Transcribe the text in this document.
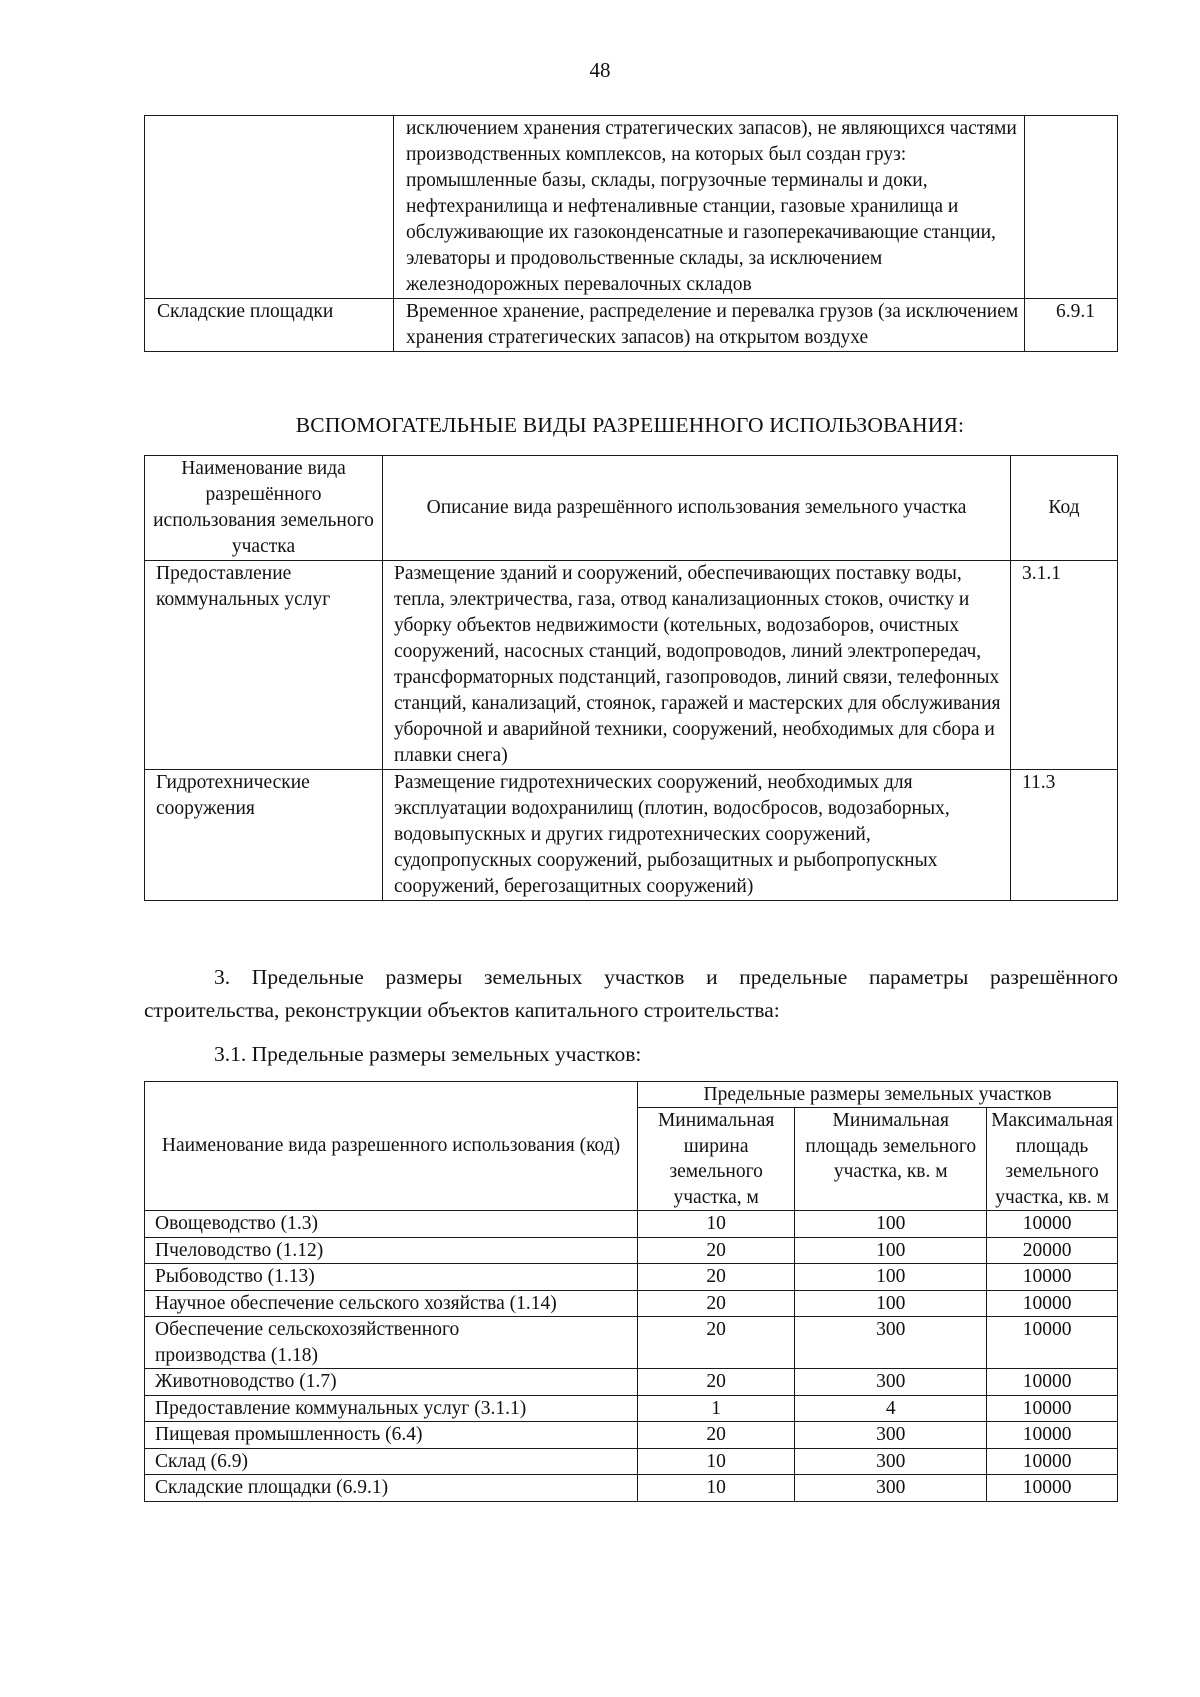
48
	исключением хранения стратегических запасов), не являющихся частями производственных комплексов, на которых был создан груз: промышленные базы, склады, погрузочные терминалы и доки, нефтехранилища и нефтеналивные станции, газовые хранилища и обслуживающие их газоконденсатные и газоперекачивающие станции, элеваторы и продовольственные склады, за исключением железнодорожных перевалочных складов	
Складские площадки	Временное хранение, распределение и перевалка грузов (за исключением хранения стратегических запасов) на открытом воздухе	6.9.1
ВСПОМОГАТЕЛЬНЫЕ ВИДЫ РАЗРЕШЕННОГО ИСПОЛЬЗОВАНИЯ:
Наименование вида разрешённого использования земельного участка	Описание вида разрешённого использования земельного участка	Код
Предоставление коммунальных услуг	Размещение зданий и сооружений, обеспечивающих поставку воды, тепла, электричества, газа, отвод канализационных стоков, очистку и уборку объектов недвижимости (котельных, водозаборов, очистных сооружений, насосных станций, водопроводов, линий электропередач, трансформаторных подстанций, газопроводов, линий связи, телефонных станций, канализаций, стоянок, гаражей и мастерских для обслуживания уборочной и аварийной техники, сооружений, необходимых для сбора и плавки снега)	3.1.1
Гидротехнические сооружения	Размещение гидротехнических сооружений, необходимых для эксплуатации водохранилищ (плотин, водосбросов, водозаборных, водовыпускных и других гидротехнических сооружений, судопропускных сооружений, рыбозащитных и рыбопропускных сооружений, берегозащитных сооружений)	11.3

3. Предельные размеры земельных участков и предельные параметры разрешённого строительства, реконструкции объектов капитального строительства:

3.1. Предельные размеры земельных участков:

Наименование вида разрешенного использования (код)	Предельные размеры земельных участков		
	Минимальная ширина земельного участка, м	Минимальная площадь земельного участка, кв. м	Максимальная площадь земельного участка, кв. м
Овощеводство (1.3)	10	100	10000
Пчеловодство (1.12)	20	100	20000
Рыбоводство (1.13)	20	100	10000
Научное обеспечение сельского хозяйства (1.14)	20	100	10000
Обеспечение сельскохозяйственного производства (1.18)	20	300	10000
Животноводство (1.7)	20	300	10000
Предоставление коммунальных услуг (3.1.1)	1	4	10000
Пищевая промышленность (6.4)	20	300	10000
Склад (6.9)	10	300	10000
Складские площадки (6.9.1)	10	300	10000
